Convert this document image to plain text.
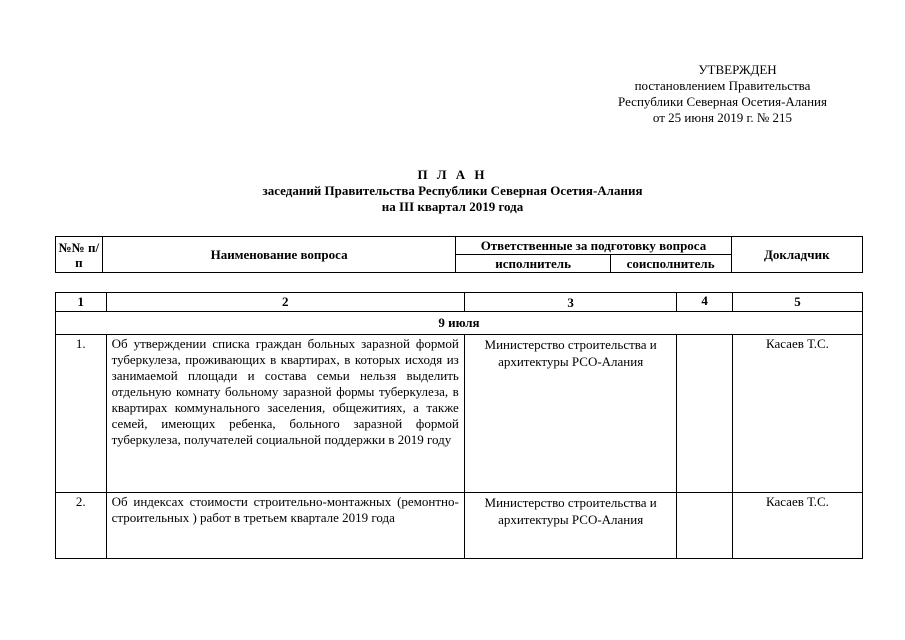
УТВЕРЖДЕН
постановлением Правительства
Республики Северная Осетия-Алания
от 25 июня 2019 г. № 215
П Л А Н
заседаний Правительства Республики Северная Осетия-Алания
на III квартал 2019 года
№№ п/п	Наименование вопроса	Ответственные за подготовку вопроса		Докладчик
		исполнитель	соисполнитель	
1	2	3	4	5
9 июля				
1.	Об утверждении списка граждан больных заразной формой туберкулеза, проживающих в квартирах, в которых исходя из занимаемой площади и состава семьи нельзя выделить отдельную комнату больному заразной формы туберкулеза, в квартирах коммунального заселения, общежитиях, а также семей, имеющих ребенка, больного заразной формой туберкулеза, получателей социальной поддержки в 2019 году	Министерство строительства и архитектуры РСО-Алания		Касаев Т.С.
2.	Об индексах стоимости строительно-монтажных (ремонтно-строительных ) работ в третьем квартале 2019 года	Министерство строительства и архитектуры РСО-Алания		Касаев Т.С.
